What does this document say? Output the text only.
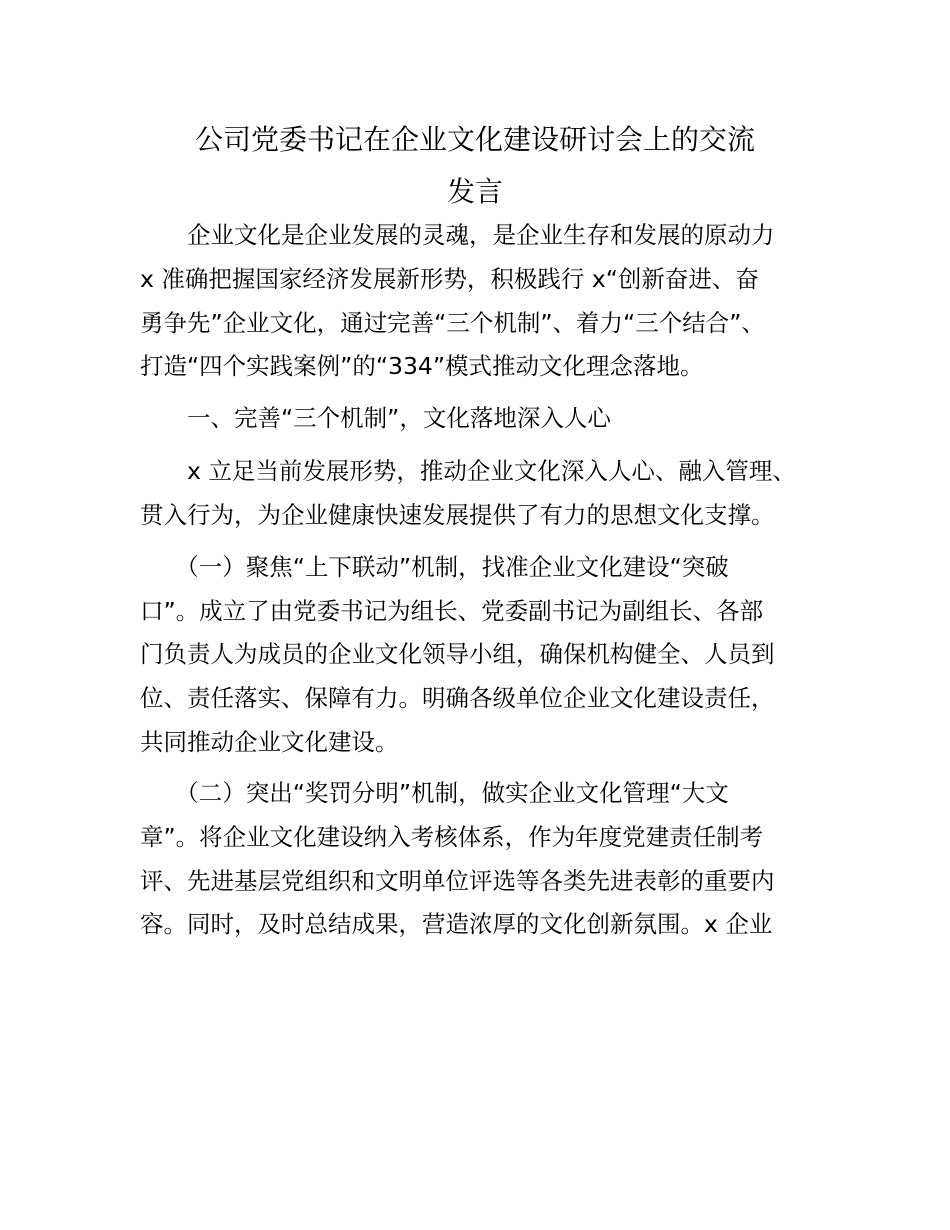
公司党委书记在企业文化建设研讨会上的交流
发言

　　企业文化是企业发展的灵魂，是企业生存和发展的原动力

x 准确把握国家经济发展新形势，积极践行 x“创新奋进、奋

勇争先”企业文化，通过完善“三个机制”、着力“三个结合”、

打造“四个实践案例”的“334”模式推动文化理念落地。

　　一、完善“三个机制”，文化落地深入人心

　　x 立足当前发展形势，推动企业文化深入人心、融入管理、

贯入行为，为企业健康快速发展提供了有力的思想文化支撑。

　　（一）聚焦“上下联动”机制，找准企业文化建设“突破

口”。成立了由党委书记为组长、党委副书记为副组长、各部

门负责人为成员的企业文化领导小组，确保机构健全、人员到

位、责任落实、保障有力。明确各级单位企业文化建设责任，

共同推动企业文化建设。

　　（二）突出“奖罚分明”机制，做实企业文化管理“大文

章”。将企业文化建设纳入考核体系，作为年度党建责任制考

评、先进基层党组织和文明单位评选等各类先进表彰的重要内

容。同时，及时总结成果，营造浓厚的文化创新氛围。x 企业
